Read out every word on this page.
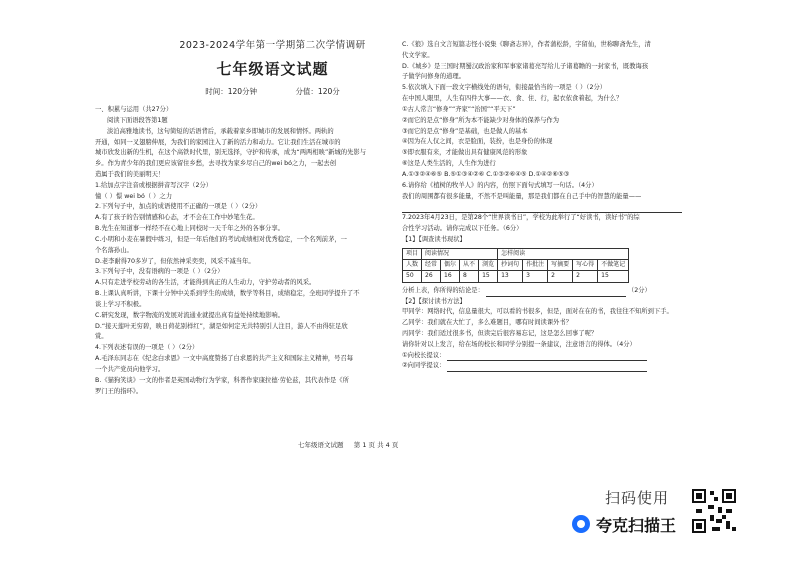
2023-2024学年第一学期第二次学情调研
七年级语文试题
时间：120分钟	分值：120分

一、积累与运用（共27分）

阅读下面语段答第1题

淡泊高雅地读书，这句简短的话语背后，承载着家乡即城市的发展和情怀。两轨的

开通，如同一叉翅膀伸展，为我们的家园注入了新的活力和动力。它让我们生活在城市的

城市欣发出新的生机，在这个高铁时代里，别无选择，守护和传承，成为“两两相映”新城的先影与

乡。作为青少年的我们更应该留住乡愁，去寻找为家乡尽自己的wei bó之力，一起去创

造属于我们的美丽明天！

1.给加点字注音或根据拼音写汉字（2分）

憧（ ）憬 wei bó（ ）之力

2.下列句子中，加点的成语使用不正确的一项是（ ）（2分）

A.有了孩子的告别情感和心态，才不会在工作中妙笔生花。

B.先生在知道事一样经不在心地上同校时一天千年之外的各事分享。

C.小明和小麦在暑假中练习，但是一年后他们的考试成绩相对优秀稳定，一个名列前茅，一

个名落孙山。

D.老李耐得70多岁了，但依然神采奕奕，风采不减当年。

3.下列句子中，没有语病的一项是（ ）（2分）

A.只有走进学校劳动的各生活，才能得到真正的人生动力，守护劳动者的风采。

B.上课认真听讲，下课十分钟中关系到学生的成绩，数学等科目，成绩稳定，全班同学提升了不

谈上学习不积极。

C.研究发现，数字物流的发展对流通业就提出真有益处持续地影响。

D.“接天莲叶无穷碧，映日荷花别样红”，湖是如何定无共特别引人注目，游人不由得驻足欣

赏。

4.下列表述有误的一项是（ ）（2分）

A.毛泽东同志在《纪念白求恩》一文中高度赞扬了白求恩的共产主义和国际主义精神，号召每

一个共产党员向他学习。

B.《猫狗笑谈》一文的作者是英国动物行为学家，科普作家康拉德·劳伦兹，其代表作是《所

罗门王的指环》。

C.《狼》选自文言短篇志怪小说集《聊斋志异》，作者蒲松龄，字留仙，世称聊斋先生，清

代文学家。

D.《城乡》是三国时期蜀汉政治家和军事家诸葛亮写给儿子诸葛瞻的一封家书，既教诲孩

子做学问修身的道理。

5.依次填入下面一段文字横线处的语句，衔接最恰当的一项是（ ）（2分）

在中国人眼里，人生有四件大事——衣、食、住、行，起衣依食着起，为什么？

①古人常言“修身”“齐家”“治国”“平天下”

②而它的是点“修身”所为本不能缺少对身体的保养与作为

③而它的是点“修身”是基础，也是做人的基本

④因为在人仅之间，衣是脸面，装扮，也是身份的体现

⑤即衣服有来，才能做出具有健康风范的形象

⑥这是人类生活的，人生作为进行

A.①③②④⑥⑤ B.⑤①③④②⑥ C.①③②⑥④⑤ D.①④②⑥⑤③

6.请你给《植树的牧羊人》的内容，仿照下面句式填写一句话。（4分）

我们的周围都有很多能量，不然不是叫能量，那是我们都在自己手中的智慧的能量——

7.2023年4月23日，是第28个“世界读书日”，学校为此举行了“好读书，读好书”的综

合性学习活动。请你完成以下任务。（6分）

【1】【调查读书现状】

项目	阅读情况				怎样阅读				
人数	经常	偶尔	从不	浏览	抄词句	作批注	写摘要	写心得	不做笔记
50	26	16	8	15	13	3	2	2	15

分析上表，你所得的结论是：	（2分）

【2】【探讨读书方法】

甲同学：网络时代，信息量很大，可以看的书很多，但是，面对在在的书，我往往不知所到下手。

乙同学：我们就在大忙了，多么难题目，哪有时间读课外书？

丙同学：我们适过很多书，但读完后很容易忘记，这是怎么回事了呢？

请你针对以上发言，给在场的校长和同学分别提一条建议，注意语言的得体。（4分）

①向校长提议：

②向同学提议：

七年级语文试题 第 1 页 共 4 页
扫码使用
夸克扫描王
